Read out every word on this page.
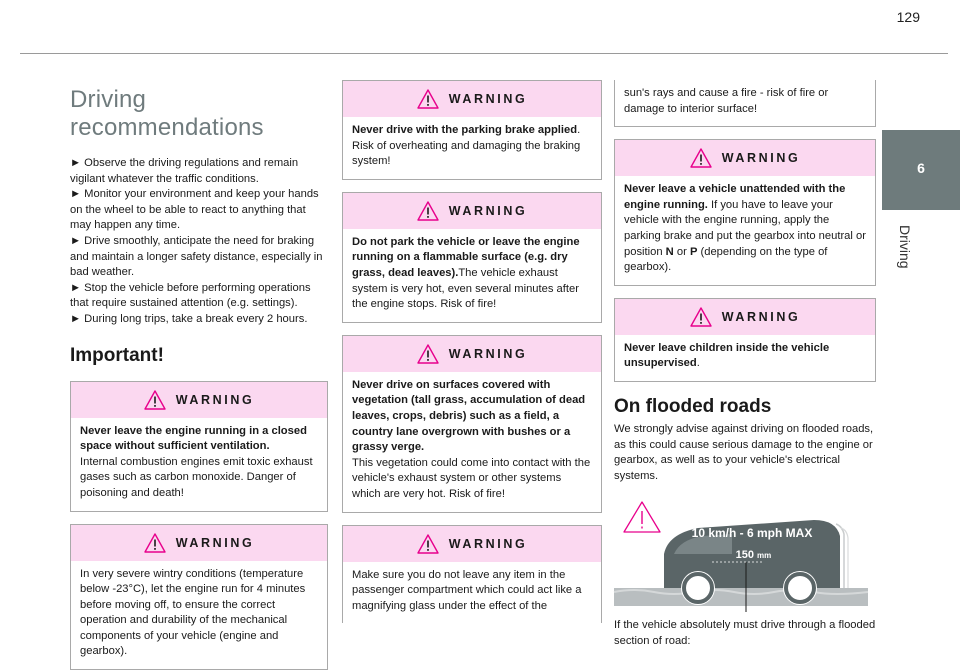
129
6
Driving
Driving recommendations
► Observe the driving regulations and remain vigilant whatever the traffic conditions.
► Monitor your environment and keep your hands on the wheel to be able to react to anything that may happen any time.
► Drive smoothly, anticipate the need for braking and maintain a longer safety distance, especially in bad weather.
► Stop the vehicle before performing operations that require sustained attention (e.g. settings).
► During long trips, take a break every 2 hours.
Important!
WARNING
Never leave the engine running in a closed space without sufficient ventilation.
Internal combustion engines emit toxic exhaust gases such as carbon monoxide. Danger of poisoning and death!
WARNING
In very severe wintry conditions (temperature below -23°C), let the engine run for 4 minutes before moving off, to ensure the correct operation and durability of the mechanical components of your vehicle (engine and gearbox).
WARNING
Never drive with the parking brake applied. Risk of overheating and damaging the braking system!
WARNING
Do not park the vehicle or leave the engine running on a flammable surface (e.g. dry grass, dead leaves).The vehicle exhaust system is very hot, even several minutes after the engine stops. Risk of fire!
WARNING
Never drive on surfaces covered with vegetation (tall grass, accumulation of dead leaves, crops, debris) such as a field, a country lane overgrown with bushes or a grassy verge.
This vegetation could come into contact with the vehicle's exhaust system or other systems which are very hot. Risk of fire!
WARNING
Make sure you do not leave any item in the passenger compartment which could act like a magnifying glass under the effect of the
sun's rays and cause a fire - risk of fire or damage to interior surface!
WARNING
Never leave a vehicle unattended with the engine running. If you have to leave your vehicle with the engine running, apply the parking brake and put the gearbox into neutral or position N or P (depending on the type of gearbox).
WARNING
Never leave children inside the vehicle unsupervised.
On flooded roads
We strongly advise against driving on flooded roads, as this could cause serious damage to the engine or gearbox, as well as to your vehicle's electrical systems.
10 km/h - 6 mph MAX
150 mm
If the vehicle absolutely must drive through a flooded section of road:
